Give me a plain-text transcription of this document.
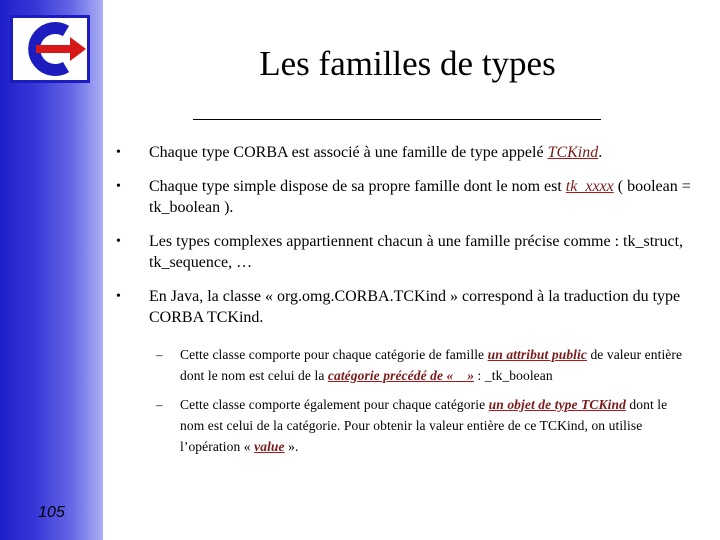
105
Les familles de types
• Chaque type CORBA est associé à une famille de type appelé TCKind.
• Chaque type simple dispose de sa propre famille dont le nom est tk_xxxx ( boolean = tk_boolean ).
• Les types complexes appartiennent chacun à une famille précise comme : tk_struct, tk_sequence, …
• En Java, la classe « org.omg.CORBA.TCKind » correspond à la traduction du type CORBA TCKind.
– Cette classe comporte pour chaque catégorie de famille un attribut public de valeur entière dont le nom est celui de la catégorie précédé de « _ » : _tk_boolean
– Cette classe comporte également pour chaque catégorie un objet de type TCKind dont le nom est celui de la catégorie. Pour obtenir la valeur entière de ce TCKind, on utilise l’opération « value ».
